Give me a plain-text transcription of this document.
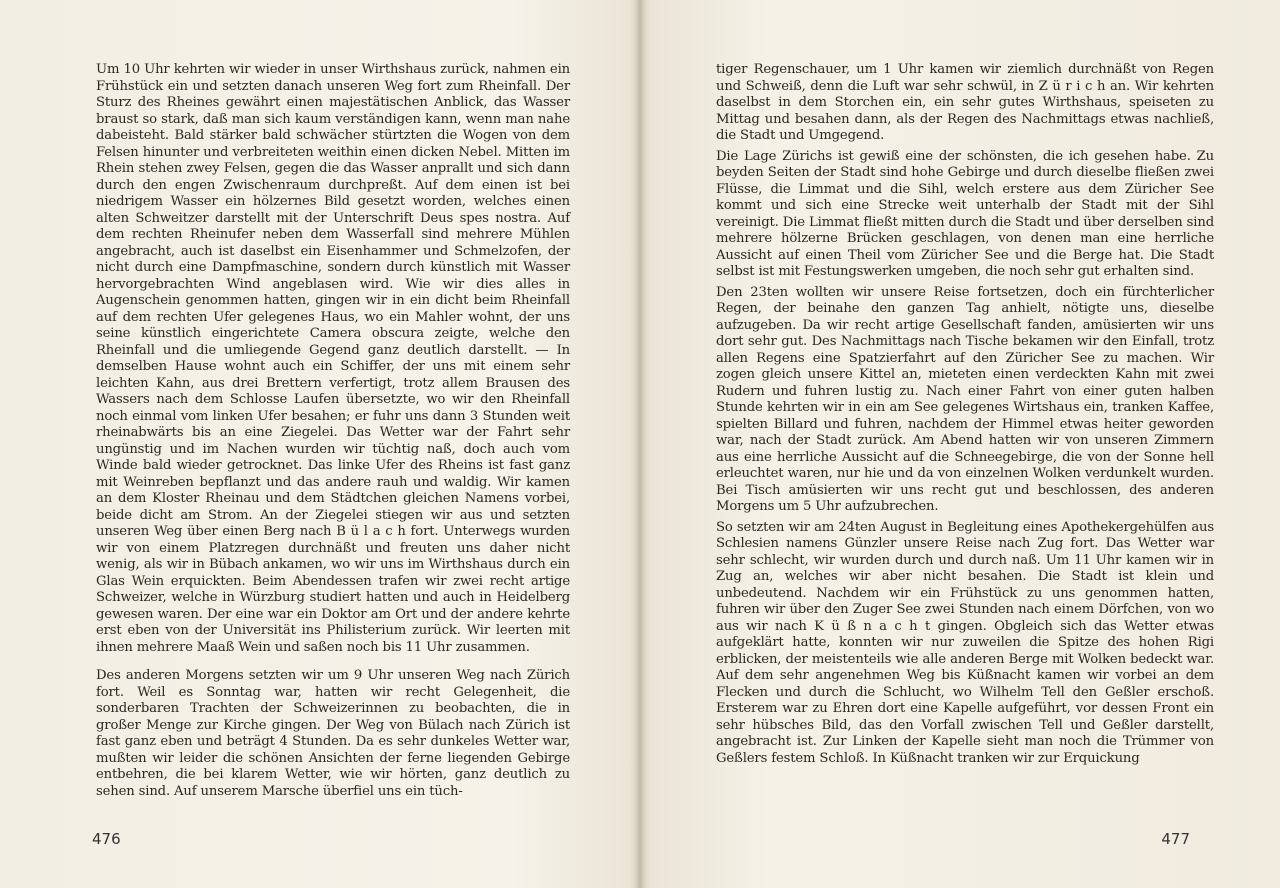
Um 10 Uhr kehrten wir wieder in unser Wirthshaus zurück, nahmen ein Frühstück ein und setzten danach unseren Weg fort zum Rheinfall. Der Sturz des Rheines gewährt einen majestätischen Anblick, das Wasser braust so stark, daß man sich kaum verständigen kann, wenn man nahe dabeisteht. Bald stärker bald schwächer stürtzten die Wogen von dem Felsen hinunter und verbreiteten weithin einen dicken Nebel. Mitten im Rhein stehen zwey Felsen, gegen die das Wasser anprallt und sich dann durch den engen Zwischenraum durchpreßt. Auf dem einen ist bei niedrigem Wasser ein hölzernes Bild gesetzt worden, welches einen alten Schweitzer darstellt mit der Unterschrift Deus spes nostra. Auf dem rechten Rheinufer neben dem Wasserfall sind mehrere Mühlen angebracht, auch ist daselbst ein Eisenhammer und Schmelzofen, der nicht durch eine Dampfmaschine, sondern durch künstlich mit Wasser hervorgebrachten Wind angeblasen wird. Wie wir dies alles in Augenschein genommen hatten, gingen wir in ein dicht beim Rheinfall auf dem rechten Ufer gelegenes Haus, wo ein Mahler wohnt, der uns seine künstlich eingerichtete Camera obscura zeigte, welche den Rheinfall und die umliegende Gegend ganz deutlich darstellt. — In demselben Hause wohnt auch ein Schiffer, der uns mit einem sehr leichten Kahn, aus drei Brettern verfertigt, trotz allem Brausen des Wassers nach dem Schlosse Laufen übersetzte, wo wir den Rheinfall noch einmal vom linken Ufer besahen; er fuhr uns dann 3 Stunden weit rheinabwärts bis an eine Ziegelei. Das Wetter war der Fahrt sehr ungünstig und im Nachen wurden wir tüchtig naß, doch auch vom Winde bald wieder getrocknet. Das linke Ufer des Rheins ist fast ganz mit Weinreben bepflanzt und das andere rauh und waldig. Wir kamen an dem Kloster Rheinau und dem Städtchen gleichen Namens vorbei, beide dicht am Strom. An der Ziegelei stiegen wir aus und setzten unseren Weg über einen Berg nach B ü l a c h fort. Unterwegs wurden wir von einem Platzregen durchnäßt und freuten uns daher nicht wenig, als wir in Bübach ankamen, wo wir uns im Wirthshaus durch ein Glas Wein erquickten. Beim Abendessen trafen wir zwei recht artige Schweizer, welche in Würzburg studiert hatten und auch in Heidelberg gewesen waren. Der eine war ein Doktor am Ort und der andere kehrte erst eben von der Universität ins Philisterium zurück. Wir leerten mit ihnen mehrere Maaß Wein und saßen noch bis 11 Uhr zusammen.

Des anderen Morgens setzten wir um 9 Uhr unseren Weg nach Zürich fort. Weil es Sonntag war, hatten wir recht Gelegenheit, die sonderbaren Trachten der Schweizerinnen zu beobachten, die in großer Menge zur Kirche gingen. Der Weg von Bülach nach Zürich ist fast ganz eben und beträgt 4 Stunden. Da es sehr dunkeles Wetter war, mußten wir leider die schönen Ansichten der ferne liegenden Gebirge entbehren, die bei klarem Wetter, wie wir hörten, ganz deutlich zu sehen sind. Auf unserem Marsche überfiel uns ein tüch-

476

tiger Regenschauer, um 1 Uhr kamen wir ziemlich durchnäßt von Regen und Schweiß, denn die Luft war sehr schwül, in Z ü r i c h an. Wir kehrten daselbst in dem Storchen ein, ein sehr gutes Wirthshaus, speiseten zu Mittag und besahen dann, als der Regen des Nachmittags etwas nachließ, die Stadt und Umgegend.

Die Lage Zürichs ist gewiß eine der schönsten, die ich gesehen habe. Zu beyden Seiten der Stadt sind hohe Gebirge und durch dieselbe fließen zwei Flüsse, die Limmat und die Sihl, welch erstere aus dem Züricher See kommt und sich eine Strecke weit unterhalb der Stadt mit der Sihl vereinigt. Die Limmat fließt mitten durch die Stadt und über derselben sind mehrere hölzerne Brücken geschlagen, von denen man eine herrliche Aussicht auf einen Theil vom Züricher See und die Berge hat. Die Stadt selbst ist mit Festungswerken umgeben, die noch sehr gut erhalten sind.

Den 23ten wollten wir unsere Reise fortsetzen, doch ein fürchterlicher Regen, der beinahe den ganzen Tag anhielt, nötigte uns, dieselbe aufzugeben. Da wir recht artige Gesellschaft fanden, amüsierten wir uns dort sehr gut. Des Nachmittags nach Tische bekamen wir den Einfall, trotz allen Regens eine Spatzierfahrt auf den Züricher See zu machen. Wir zogen gleich unsere Kittel an, mieteten einen verdeckten Kahn mit zwei Rudern und fuhren lustig zu. Nach einer Fahrt von einer guten halben Stunde kehrten wir in ein am See gelegenes Wirtshaus ein, tranken Kaffee, spielten Billard und fuhren, nachdem der Himmel etwas heiter geworden war, nach der Stadt zurück. Am Abend hatten wir von unseren Zimmern aus eine herrliche Aussicht auf die Schneegebirge, die von der Sonne hell erleuchtet waren, nur hie und da von einzelnen Wolken verdunkelt wurden. Bei Tisch amüsierten wir uns recht gut und beschlossen, des anderen Morgens um 5 Uhr aufzubrechen.

So setzten wir am 24ten August in Begleitung eines Apothekergehülfen aus Schlesien namens Günzler unsere Reise nach Zug fort. Das Wetter war sehr schlecht, wir wurden durch und durch naß. Um 11 Uhr kamen wir in Zug an, welches wir aber nicht besahen. Die Stadt ist klein und unbedeutend. Nachdem wir ein Frühstück zu uns genommen hatten, fuhren wir über den Zuger See zwei Stunden nach einem Dörfchen, von wo aus wir nach K ü ß n a c h t gingen. Obgleich sich das Wetter etwas aufgeklärt hatte, konnten wir nur zuweilen die Spitze des hohen Rigi erblicken, der meistenteils wie alle anderen Berge mit Wolken bedeckt war. Auf dem sehr angenehmen Weg bis Küßnacht kamen wir vorbei an dem Flecken und durch die Schlucht, wo Wilhelm Tell den Geßler erschoß. Ersterem war zu Ehren dort eine Kapelle aufgeführt, vor dessen Front ein sehr hübsches Bild, das den Vorfall zwischen Tell und Geßler darstellt, angebracht ist. Zur Linken der Kapelle sieht man noch die Trümmer von Geßlers festem Schloß. In Küßnacht tranken wir zur Erquickung

477
